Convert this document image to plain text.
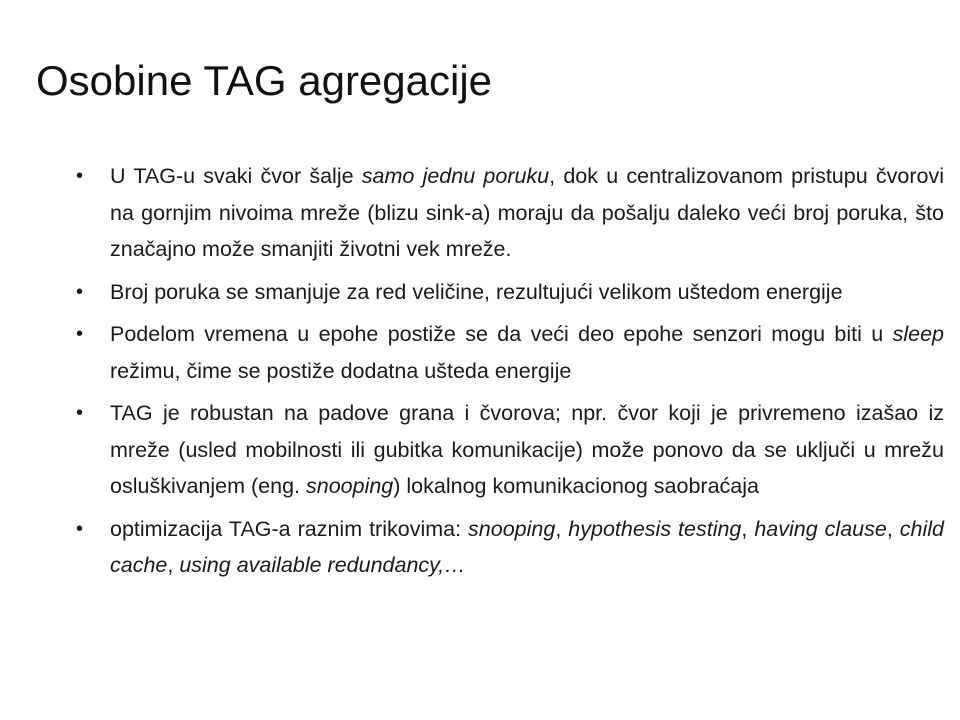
Osobine TAG agregacije
• U TAG-u svaki čvor šalje samo jednu poruku, dok u centralizovanom pristupu čvorovi na gornjim nivoima mreže (blizu sink-a) moraju da pošalju daleko veći broj poruka, što značajno može smanjiti životni vek mreže.
• Broj poruka se smanjuje za red veličine, rezultujući velikom uštedom energije
• Podelom vremena u epohe postiže se da veći deo epohe senzori mogu biti u sleep režimu, čime se postiže dodatna ušteda energije
• TAG je robustan na padove grana i čvorova; npr. čvor koji je privremeno izašao iz mreže (usled mobilnosti ili gubitka komunikacije) može ponovo da se uključi u mrežu osluškivanjem (eng. snooping) lokalnog komunikacionog saobraćaja
• optimizacija TAG-a raznim trikovima: snooping, hypothesis testing, having clause, child cache, using available redundancy,…
